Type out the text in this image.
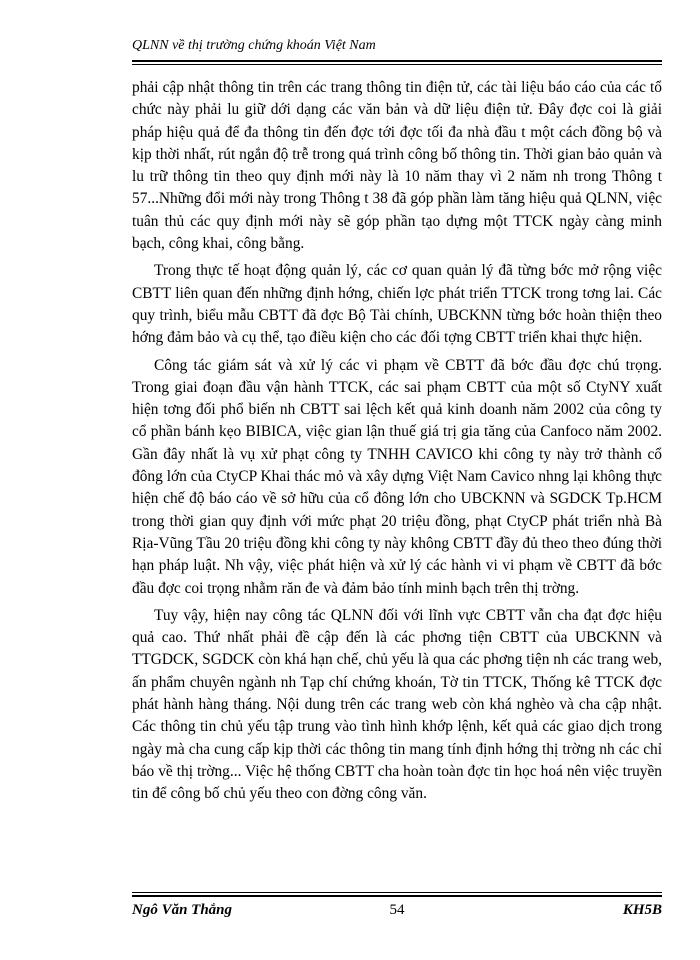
QLNN về thị trường chứng khoán Việt Nam

phải cập nhật thông tin trên các trang thông tin điện tử, các tài liệu báo cáo của các tổ chức này phải lu giữ dới dạng các văn bản và dữ liệu điện tử. Đây đợc coi là giải pháp hiệu quả để đa thông tin đến đợc tới đợc tối đa nhà đầu t một cách đồng bộ và kịp thời nhất, rút ngắn độ trễ trong quá trình công bố thông tin. Thời gian bảo quản và lu trữ thông tin theo quy định mới này là 10 năm thay vì 2 năm nh trong Thông t 57...Những đổi mới này trong Thông t 38 đã góp phần làm tăng hiệu quả QLNN, việc tuân thủ các quy định mới này sẽ góp phần tạo dựng một TTCK ngày càng minh bạch, công khai, công bằng.

Trong thực tế hoạt động quản lý, các cơ quan quản lý đã từng bớc mở rộng việc CBTT liên quan đến những định hớng, chiến lợc phát triển TTCK trong tơng lai. Các quy trình, biểu mẫu CBTT đã đợc Bộ Tài chính, UBCKNN từng bớc hoàn thiện theo hớng đảm bảo và cụ thể, tạo điều kiện cho các đối tợng CBTT triển khai thực hiện.

Công tác giám sát và xử lý các vi phạm về CBTT đã bớc đầu đợc chú trọng. Trong giai đoạn đầu vận hành TTCK, các sai phạm CBTT của một số CtyNY xuất hiện tơng đối phổ biến nh CBTT sai lệch kết quả kinh doanh năm 2002 của công ty cổ phần bánh kẹo BIBICA, việc gian lận thuế giá trị gia tăng của Canfoco năm 2002. Gần đây nhất là vụ xử phạt công ty TNHH CAVICO khi công ty này trở thành cổ đông lớn của CtyCP Khai thác mỏ và xây dựng Việt Nam Cavico nhng lại không thực hiện chế độ báo cáo về sở hữu của cổ đông lớn cho UBCKNN và SGDCK Tp.HCM trong thời gian quy định với mức phạt 20 triệu đồng, phạt CtyCP phát triển nhà Bà Rịa-Vũng Tầu 20 triệu đồng khi công ty này không CBTT đầy đủ theo theo đúng thời hạn pháp luật. Nh vậy, việc phát hiện và xử lý các hành vi vi phạm về CBTT đã bớc đầu đợc coi trọng nhằm răn đe và đảm bảo tính minh bạch trên thị trờng.

Tuy vậy, hiện nay công tác QLNN đối với lĩnh vực CBTT vẫn cha đạt đợc hiệu quả cao. Thứ nhất phải đề cập đến là các phơng tiện CBTT của UBCKNN và TTGDCK, SGDCK còn khá hạn chế, chủ yếu là qua các phơng tiện nh các trang web, ấn phẩm chuyên ngành nh Tạp chí chứng khoán, Tờ tin TTCK, Thống kê TTCK đợc phát hành hàng tháng. Nội dung trên các trang web còn khá nghèo và cha cập nhật. Các thông tin chủ yếu tập trung vào tình hình khớp lệnh, kết quả các giao dịch trong ngày mà cha cung cấp kịp thời các thông tin mang tính định hớng thị trờng nh các chỉ báo về thị trờng... Việc hệ thống CBTT cha hoàn toàn đợc tin học hoá nên việc truyền tin để công bố chủ yếu theo con đờng công văn.

Ngô Văn Thắng	54	KH5B
